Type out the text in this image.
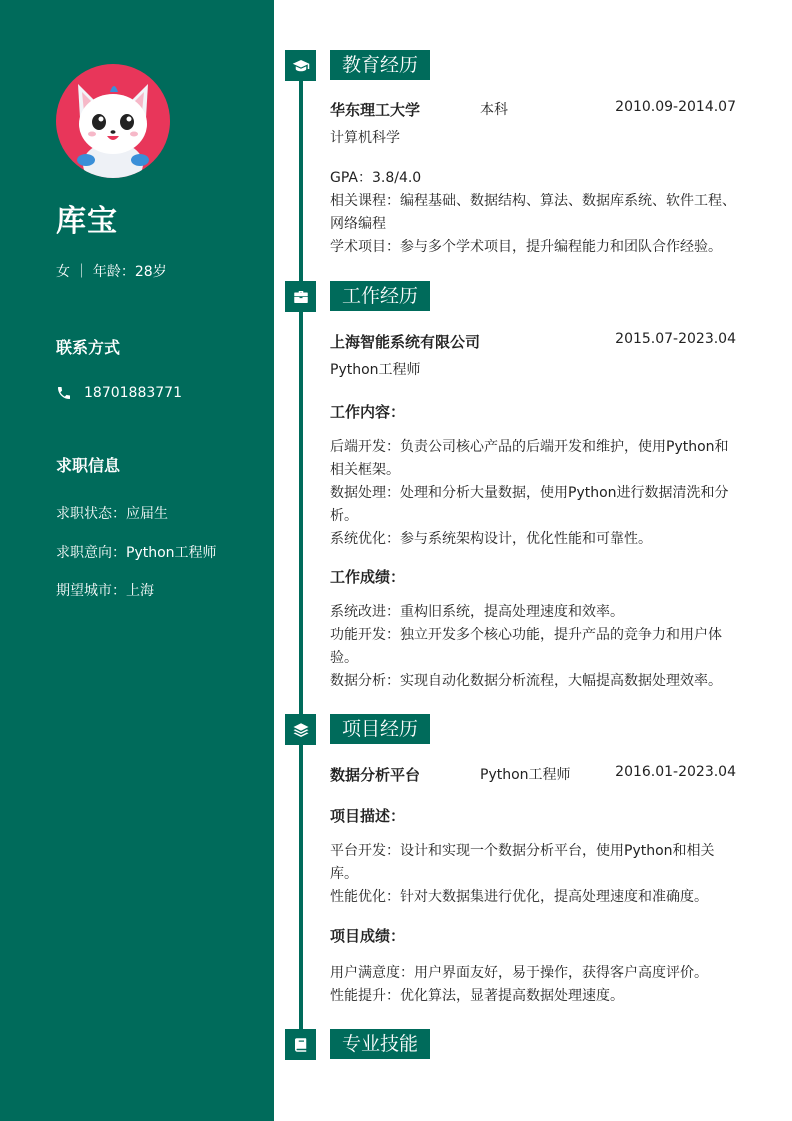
库宝
女 ｜ 年龄：28岁
联系方式
18701883771
求职信息
求职状态：应届生
求职意向：Python工程师
期望城市：上海
教育经历
华东理工大学	本科	2010.09-2014.07
计算机科学
GPA：3.8/4.0
相关课程：编程基础、数据结构、算法、数据库系统、软件工程、
网络编程
学术项目：参与多个学术项目，提升编程能力和团队合作经验。
工作经历
上海智能系统有限公司	2015.07-2023.04
Python工程师
工作内容：
后端开发：负责公司核心产品的后端开发和维护，使用Python和
相关框架。
数据处理：处理和分析大量数据，使用Python进行数据清洗和分
析。
系统优化：参与系统架构设计，优化性能和可靠性。
工作成绩：
系统改进：重构旧系统，提高处理速度和效率。
功能开发：独立开发多个核心功能，提升产品的竞争力和用户体
验。
数据分析：实现自动化数据分析流程，大幅提高数据处理效率。
项目经历
数据分析平台	Python工程师	2016.01-2023.04
项目描述：
平台开发：设计和实现一个数据分析平台，使用Python和相关
库。
性能优化：针对大数据集进行优化，提高处理速度和准确度。
项目成绩：
用户满意度：用户界面友好，易于操作，获得客户高度评价。
性能提升：优化算法，显著提高数据处理速度。
专业技能
